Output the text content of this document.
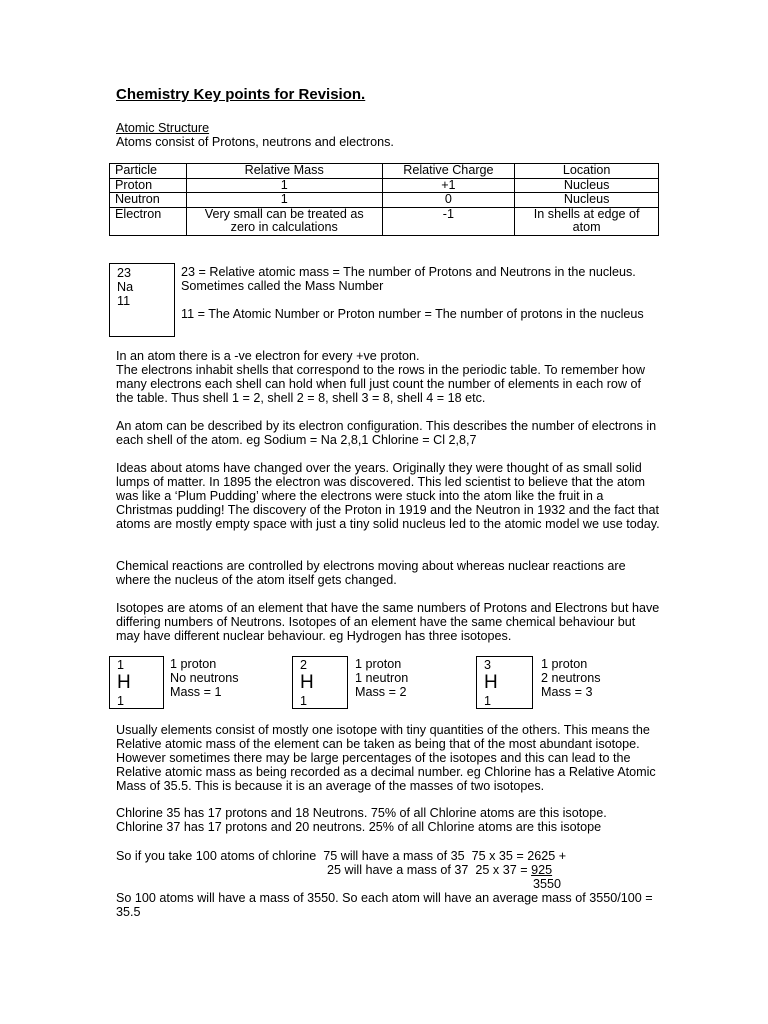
Chemistry Key points for Revision.
Atomic Structure
Atoms consist of Protons, neutrons and electrons.
Particle	Relative Mass	Relative Charge	Location
Proton	1	+1	Nucleus
Neutron	1	0	Nucleus
Electron	Very small can be treated as zero in calculations	-1	In shells at edge of atom
23
Na
11
23 = Relative atomic mass = The number of Protons and Neutrons in the nucleus. Sometimes called the Mass Number
11 = The Atomic Number or Proton number = The number of protons in the nucleus
In an atom there is a -ve electron for every +ve proton.
The electrons inhabit shells that correspond to the rows in the periodic table. To remember how many electrons each shell can hold when full just count the number of elements in each row of the table. Thus shell 1 = 2, shell 2 = 8, shell 3 = 8, shell 4 = 18 etc.
An atom can be described by its electron configuration. This describes the number of electrons in each shell of the atom. eg Sodium = Na 2,8,1 Chlorine = Cl 2,8,7
Ideas about atoms have changed over the years. Originally they were thought of as small solid lumps of matter. In 1895 the electron was discovered. This led scientist to believe that the atom was like a ‘Plum Pudding’ where the electrons were stuck into the atom like the fruit in a Christmas pudding! The discovery of the Proton in 1919 and the Neutron in 1932 and the fact that atoms are mostly empty space with just a tiny solid nucleus led to the atomic model we use today.
Chemical reactions are controlled by electrons moving about whereas nuclear reactions are where the nucleus of the atom itself gets changed.
Isotopes are atoms of an element that have the same numbers of Protons and Electrons but have differing numbers of Neutrons. Isotopes of an element have the same chemical behaviour but may have different nuclear behaviour. eg Hydrogen has three isotopes.
1
H
1
1 proton
No neutrons
Mass = 1
2
H
1
1 proton
1 neutron
Mass = 2
3
H
1
1 proton
2 neutrons
Mass = 3
Usually elements consist of mostly one isotope with tiny quantities of the others. This means the Relative atomic mass of the element can be taken as being that of the most abundant isotope. However sometimes there may be large percentages of the isotopes and this can lead to the Relative atomic mass as being recorded as a decimal number. eg Chlorine has a Relative Atomic Mass of 35.5. This is because it is an average of the masses of two isotopes.
Chlorine 35 has 17 protons and 18 Neutrons. 75% of all Chlorine atoms are this isotope.
Chlorine 37 has 17 protons and 20 neutrons. 25% of all Chlorine atoms are this isotope
So if you take 100 atoms of chlorine  75 will have a mass of 35  75 x 35 = 2625 +
25 will have a mass of 37  25 x 37 = 925
3550
So 100 atoms will have a mass of 3550. So each atom will have an average mass of 3550/100 = 35.5
